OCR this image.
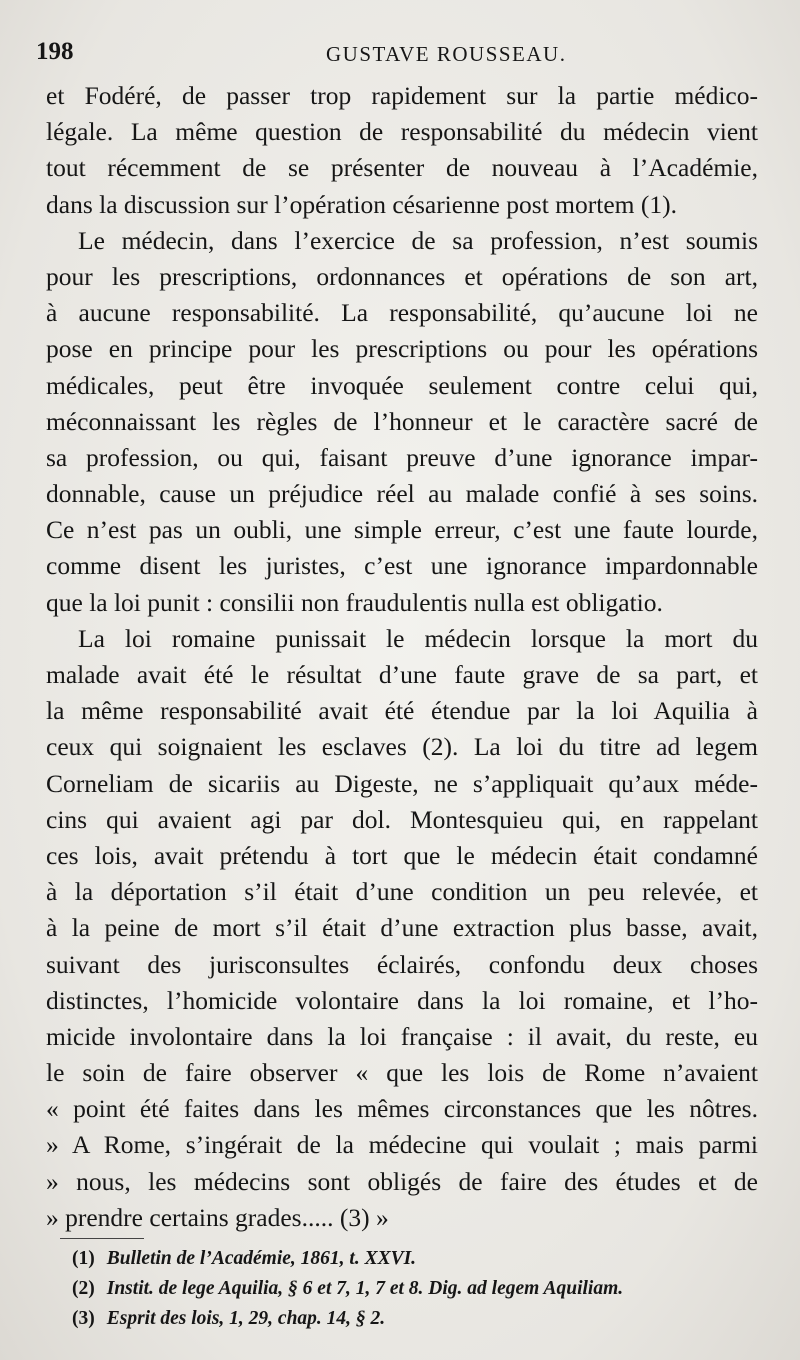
198	GUSTAVE ROUSSEAU.
et Fodéré, de passer trop rapidement sur la partie médico-
légale. La même question de responsabilité du médecin vient
tout récemment de se présenter de nouveau à l’Académie,
dans la discussion sur l’opération césarienne post mortem (1).
Le médecin, dans l’exercice de sa profession, n’est soumis
pour les prescriptions, ordonnances et opérations de son art,
à aucune responsabilité. La responsabilité, qu’aucune loi ne
pose en principe pour les prescriptions ou pour les opérations
médicales, peut être invoquée seulement contre celui qui,
méconnaissant les règles de l’honneur et le caractère sacré de
sa profession, ou qui, faisant preuve d’une ignorance impar-
donnable, cause un préjudice réel au malade confié à ses soins.
Ce n’est pas un oubli, une simple erreur, c’est une faute lourde,
comme disent les juristes, c’est une ignorance impardonnable
que la loi punit : consilii non fraudulentis nulla est obligatio.
La loi romaine punissait le médecin lorsque la mort du
malade avait été le résultat d’une faute grave de sa part, et
la même responsabilité avait été étendue par la loi Aquilia à
ceux qui soignaient les esclaves (2). La loi du titre ad legem
Corneliam de sicariis au Digeste, ne s’appliquait qu’aux méde-
cins qui avaient agi par dol. Montesquieu qui, en rappelant
ces lois, avait prétendu à tort que le médecin était condamné
à la déportation s’il était d’une condition un peu relevée, et
à la peine de mort s’il était d’une extraction plus basse, avait,
suivant des jurisconsultes éclairés, confondu deux choses
distinctes, l’homicide volontaire dans la loi romaine, et l’ho-
micide involontaire dans la loi française : il avait, du reste, eu
le soin de faire observer « que les lois de Rome n’avaient
« point été faites dans les mêmes circonstances que les nôtres.
» A Rome, s’ingérait de la médecine qui voulait ; mais parmi
» nous, les médecins sont obligés de faire des études et de
» prendre certains grades..... (3) »
(1) Bulletin de l’Académie, 1861, t. XXVI.
(2) Instit. de lege Aquilia, § 6 et 7, 1, 7 et 8. Dig. ad legem Aquiliam.
(3) Esprit des lois, 1, 29, chap. 14, § 2.
